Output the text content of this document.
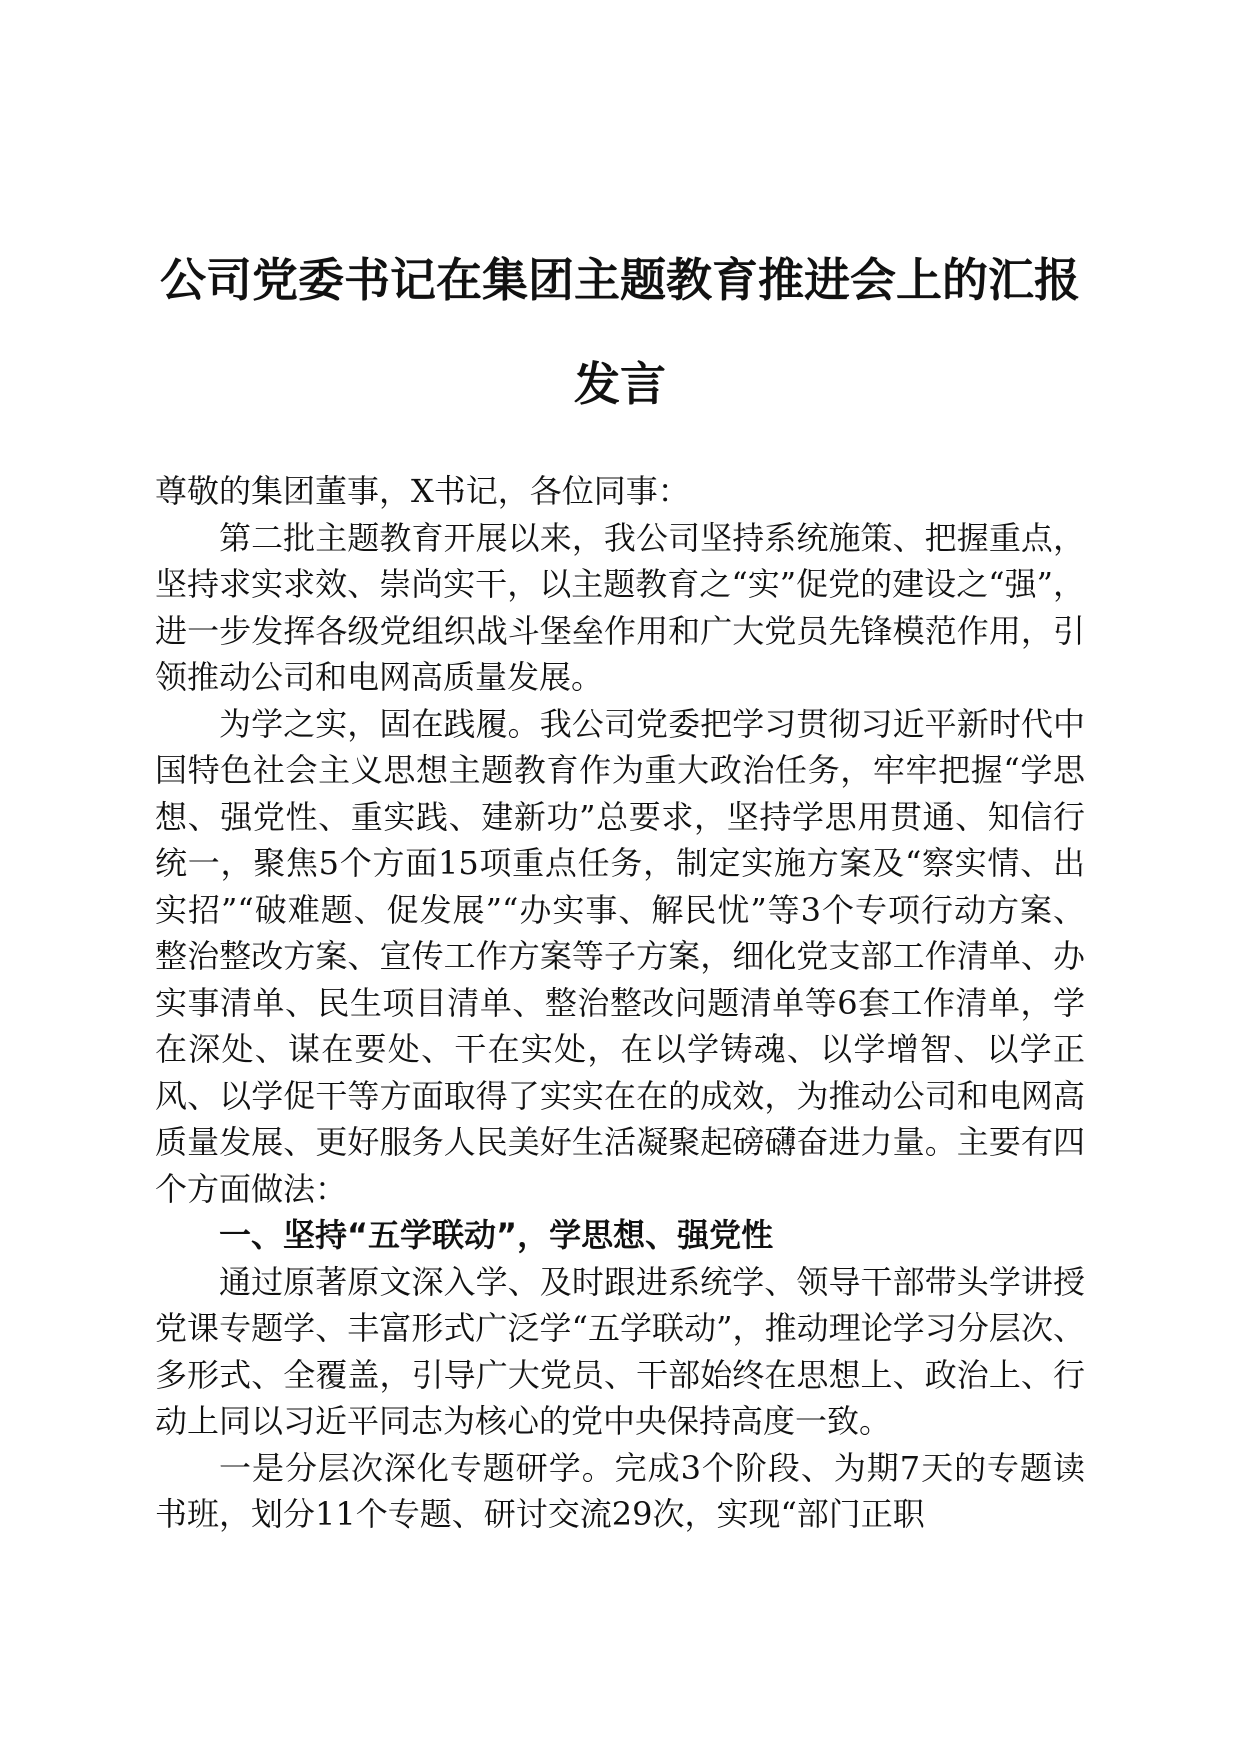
公司党委书记在集团主题教育推进会上的汇报
发言

尊敬的集团董事，X书记，各位同事：

第二批主题教育开展以来，我公司坚持系统施策、把握重点，坚持求实求效、崇尚实干，以主题教育之“实”促党的建设之“强”，进一步发挥各级党组织战斗堡垒作用和广大党员先锋模范作用，引领推动公司和电网高质量发展。

为学之实，固在践履。我公司党委把学习贯彻习近平新时代中国特色社会主义思想主题教育作为重大政治任务，牢牢把握“学思想、强党性、重实践、建新功”总要求，坚持学思用贯通、知信行统一，聚焦5个方面15项重点任务，制定实施方案及“察实情、出实招”“破难题、促发展”“办实事、解民忧”等3个专项行动方案、整治整改方案、宣传工作方案等子方案，细化党支部工作清单、办实事清单、民生项目清单、整治整改问题清单等6套工作清单，学在深处、谋在要处、干在实处，在以学铸魂、以学增智、以学正风、以学促干等方面取得了实实在在的成效，为推动公司和电网高质量发展、更好服务人民美好生活凝聚起磅礴奋进力量。主要有四个方面做法：

一、坚持“五学联动”，学思想、强党性

通过原著原文深入学、及时跟进系统学、领导干部带头学讲授党课专题学、丰富形式广泛学“五学联动”，推动理论学习分层次、多形式、全覆盖，引导广大党员、干部始终在思想上、政治上、行动上同以习近平同志为核心的党中央保持高度一致。

一是分层次深化专题研学。完成3个阶段、为期7天的专题读书班，划分11个专题、研讨交流29次，实现“部门正职
